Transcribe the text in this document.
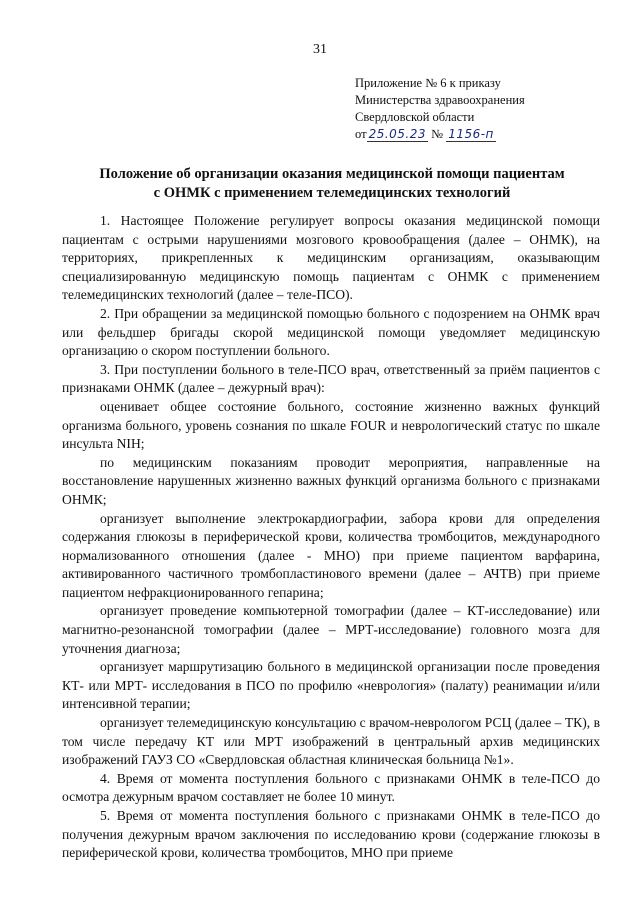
31
Приложение № 6 к приказу
Министерства здравоохранения
Свердловской области
от 25.05.23 № 1156-п
Положение об организации оказания медицинской помощи пациентам
с ОНМК с применением телемедицинских технологий

1. Настоящее Положение регулирует вопросы оказания медицинской помощи пациентам с острыми нарушениями мозгового кровообращения (далее – ОНМК), на территориях, прикрепленных к медицинским организациям, оказывающим специализированную медицинскую помощь пациентам с ОНМК с применением телемедицинских технологий (далее – теле-ПСО).

2. При обращении за медицинской помощью больного с подозрением на ОНМК врач или фельдшер бригады скорой медицинской помощи уведомляет медицинскую организацию о скором поступлении больного.

3. При поступлении больного в теле-ПСО врач, ответственный за приём пациентов с признаками ОНМК (далее – дежурный врач):

оценивает общее состояние больного, состояние жизненно важных функций организма больного, уровень сознания по шкале FOUR и неврологический статус по шкале инсульта NIH;

по медицинским показаниям проводит мероприятия, направленные на восстановление нарушенных жизненно важных функций организма больного с признаками ОНМК;

организует выполнение электрокардиографии, забора крови для определения содержания глюкозы в периферической крови, количества тромбоцитов, международного нормализованного отношения (далее - МНО) при приеме пациентом варфарина, активированного частичного тромбопластинового времени (далее – АЧТВ) при приеме пациентом нефракционированного гепарина;

организует проведение компьютерной томографии (далее – КТ-исследование) или магнитно-резонансной томографии (далее – МРТ-исследование) головного мозга для уточнения диагноза;

организует маршрутизацию больного в медицинской организации после проведения КТ- или МРТ- исследования в ПСО по профилю «неврология» (палату) реанимации и/или интенсивной терапии;

организует телемедицинскую консультацию с врачом-неврологом РСЦ (далее – ТК), в том числе передачу КТ или МРТ изображений в центральный архив медицинских изображений ГАУЗ СО «Свердловская областная клиническая больница №1».

4. Время от момента поступления больного с признаками ОНМК в теле-ПСО до осмотра дежурным врачом составляет не более 10 минут.

5. Время от момента поступления больного с признаками ОНМК в теле-ПСО до получения дежурным врачом заключения по исследованию крови (содержание глюкозы в периферической крови, количества тромбоцитов, МНО при приеме
